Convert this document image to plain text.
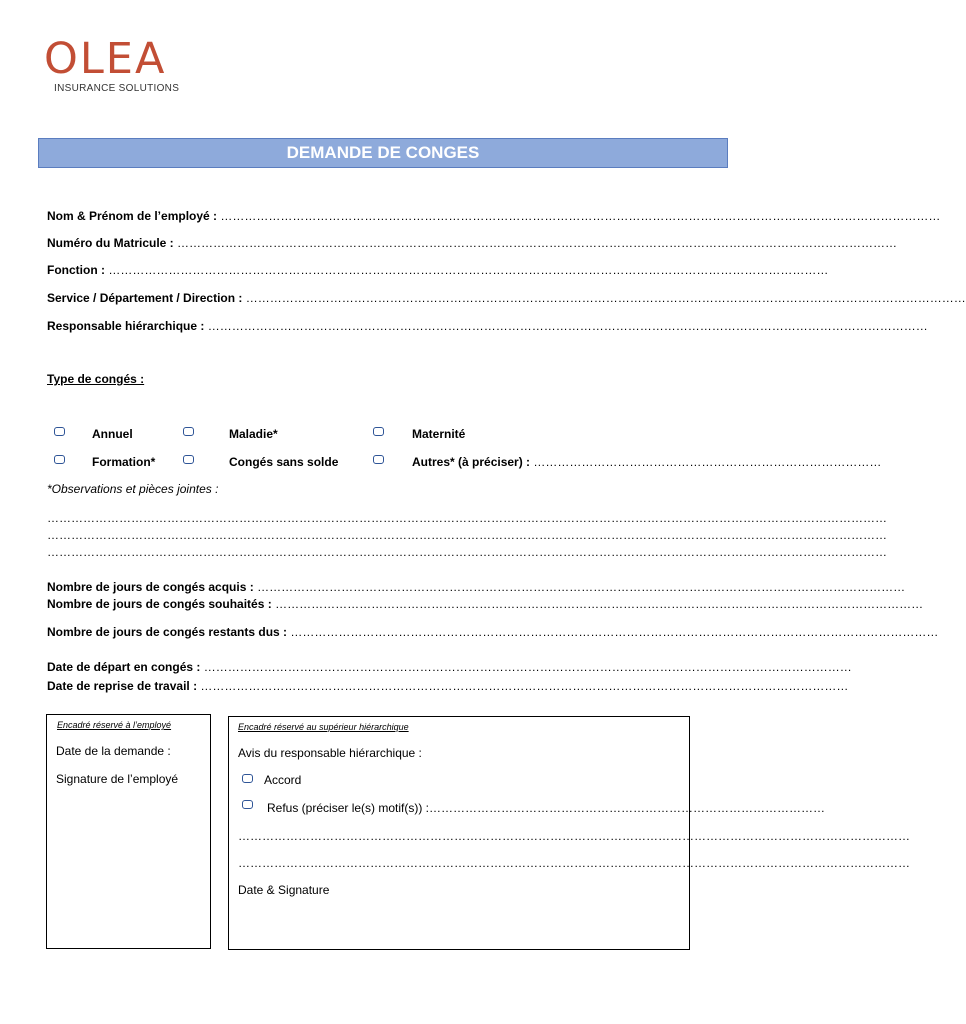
OLEA
INSURANCE SOLUTIONS
DEMANDE DE CONGES
Nom & Prénom de l’employé : ………………………………………………………………………………………………………………………………………………………………
Numéro du Matricule : ………………………………………………………………………………………………………………………………………………………………
Fonction : ………………………………………………………………………………………………………………………………………………………………
Service / Département / Direction : ………………………………………………………………………………………………………………………………………………………………
Responsable hiérarchique : ………………………………………………………………………………………………………………………………………………………………
Type de congés :
Annuel	Maladie*	Maternité
Formation*	Congés sans solde	Autres* (à préciser) : ……………………………………………………………………………
*Observations et pièces jointes :
…………………………………………………………………………………………………………………………………………………………………………………………
…………………………………………………………………………………………………………………………………………………………………………………………
…………………………………………………………………………………………………………………………………………………………………………………………
Nombre de jours de congés acquis : ………………………………………………………………………………………………………………………………………………
Nombre de jours de congés souhaités : ………………………………………………………………………………………………………………………………………………
Nombre de jours de congés restants dus : ………………………………………………………………………………………………………………………………………………
Date de départ en congés : ………………………………………………………………………………………………………………………………………………
Date de reprise de travail : ………………………………………………………………………………………………………………………………………………
Encadré réservé à l’employé
Date de la demande :
Signature de l’employé
Encadré réservé au supérieur hiérarchique
Avis du responsable hiérarchique :
Accord
Refus (préciser le(s) motif(s)) :………………………………………………………………………………………
……………………………………………………………………………………………………………………………………………………
……………………………………………………………………………………………………………………………………………………
Date & Signature
